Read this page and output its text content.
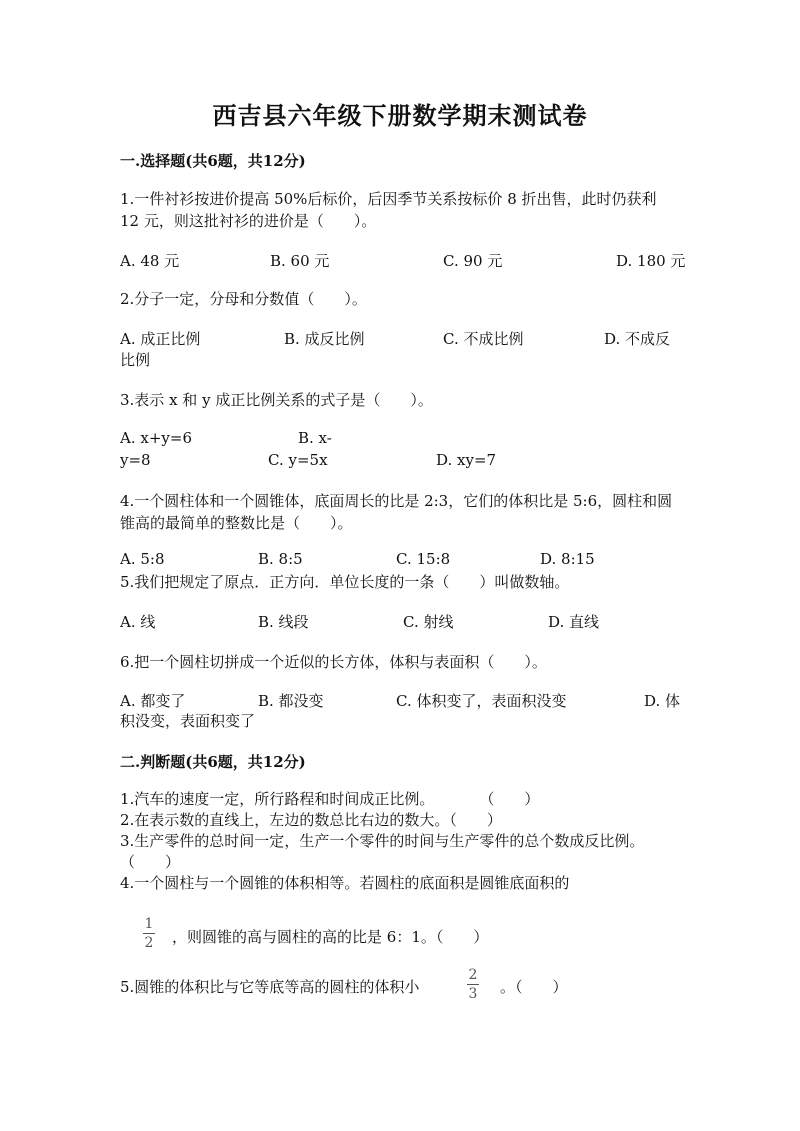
西吉县六年级下册数学期末测试卷
一.选择题(共6题，共12分)
1.一件衬衫按进价提高 50%后标价，后因季节关系按标价 8 折出售，此时仍获利 12 元，则这批衬衫的进价是（　　）。
A. 48 元	B. 60 元	C. 90 元	D. 180 元
2.分子一定，分母和分数值（　　）。
A. 成正比例	B. 成反比例	C. 不成比例	D. 不成反
比例
3.表示 x 和 y 成正比例关系的式子是（　　）。
A. x+y=6	B. x-
y=8	C. y=5x	D. xy=7
4.一个圆柱体和一个圆锥体，底面周长的比是 2:3，它们的体积比是 5:6，圆柱和圆锥高的最简单的整数比是（　　）。
A. 5:8	B. 8:5	C. 15:8	D. 8:15
5.我们把规定了原点．正方向．单位长度的一条（　　）叫做数轴。
A. 线	B. 线段	C. 射线	D. 直线
6.把一个圆柱切拼成一个近似的长方体，体积与表面积（　　）。
A. 都变了	B. 都没变	C. 体积变了，表面积没变	D. 体
积没变，表面积变了
二.判断题(共6题，共12分)
1.汽车的速度一定，所行路程和时间成正比例。　　　　（　　）
2.在表示数的直线上，左边的数总比右边的数大。（　　）
3.生产零件的总时间一定，生产一个零件的时间与生产零件的总个数成反比例。（　　）
4.一个圆柱与一个圆锥的体积相等。若圆柱的底面积是圆锥底面积的
1
2 ，则圆锥的高与圆柱的高的比是 6：1。（　　）
5.圆锥的体积比与它等底等高的圆柱的体积小
2
3 。（　　）
